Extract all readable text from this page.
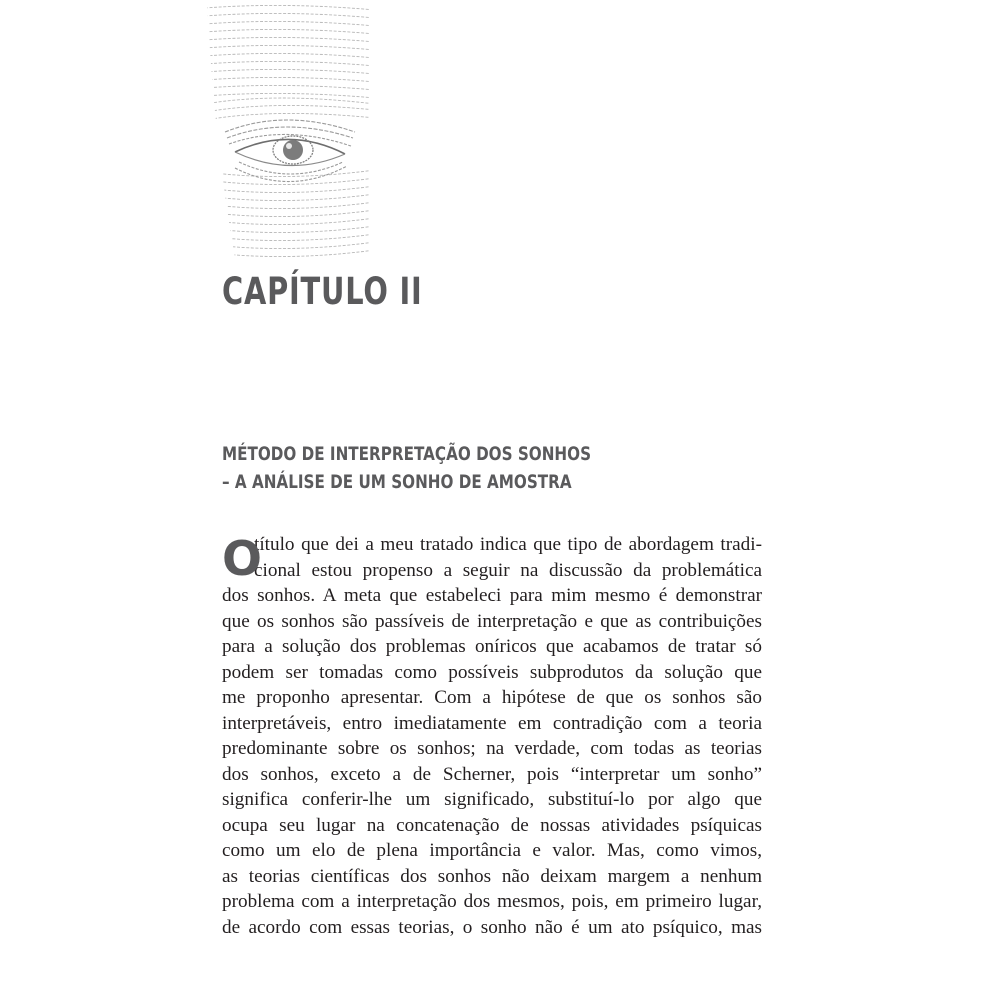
CAPÍTULO II
MÉTODO DE INTERPRETAÇÃO DOS SONHOS
– A ANÁLISE DE UM SONHO DE AMOSTRA
O
título que dei a meu tratado indica que tipo de abordagem tradi-
cional estou propenso a seguir na discussão da problemática
dos sonhos. A meta que estabeleci para mim mesmo é demonstrar
que os sonhos são passíveis de interpretação e que as contribuições
para a solução dos problemas oníricos que acabamos de tratar só
podem ser tomadas como possíveis subprodutos da solução que
me proponho apresentar. Com a hipótese de que os sonhos são
interpretáveis, entro imediatamente em contradição com a teoria
predominante sobre os sonhos; na verdade, com todas as teorias
dos sonhos, exceto a de Scherner, pois “interpretar um sonho”
significa conferir-lhe um significado, substituí-lo por algo que
ocupa seu lugar na concatenação de nossas atividades psíquicas
como um elo de plena importância e valor. Mas, como vimos,
as teorias científicas dos sonhos não deixam margem a nenhum
problema com a interpretação dos mesmos, pois, em primeiro lugar,
de acordo com essas teorias, o sonho não é um ato psíquico, mas
